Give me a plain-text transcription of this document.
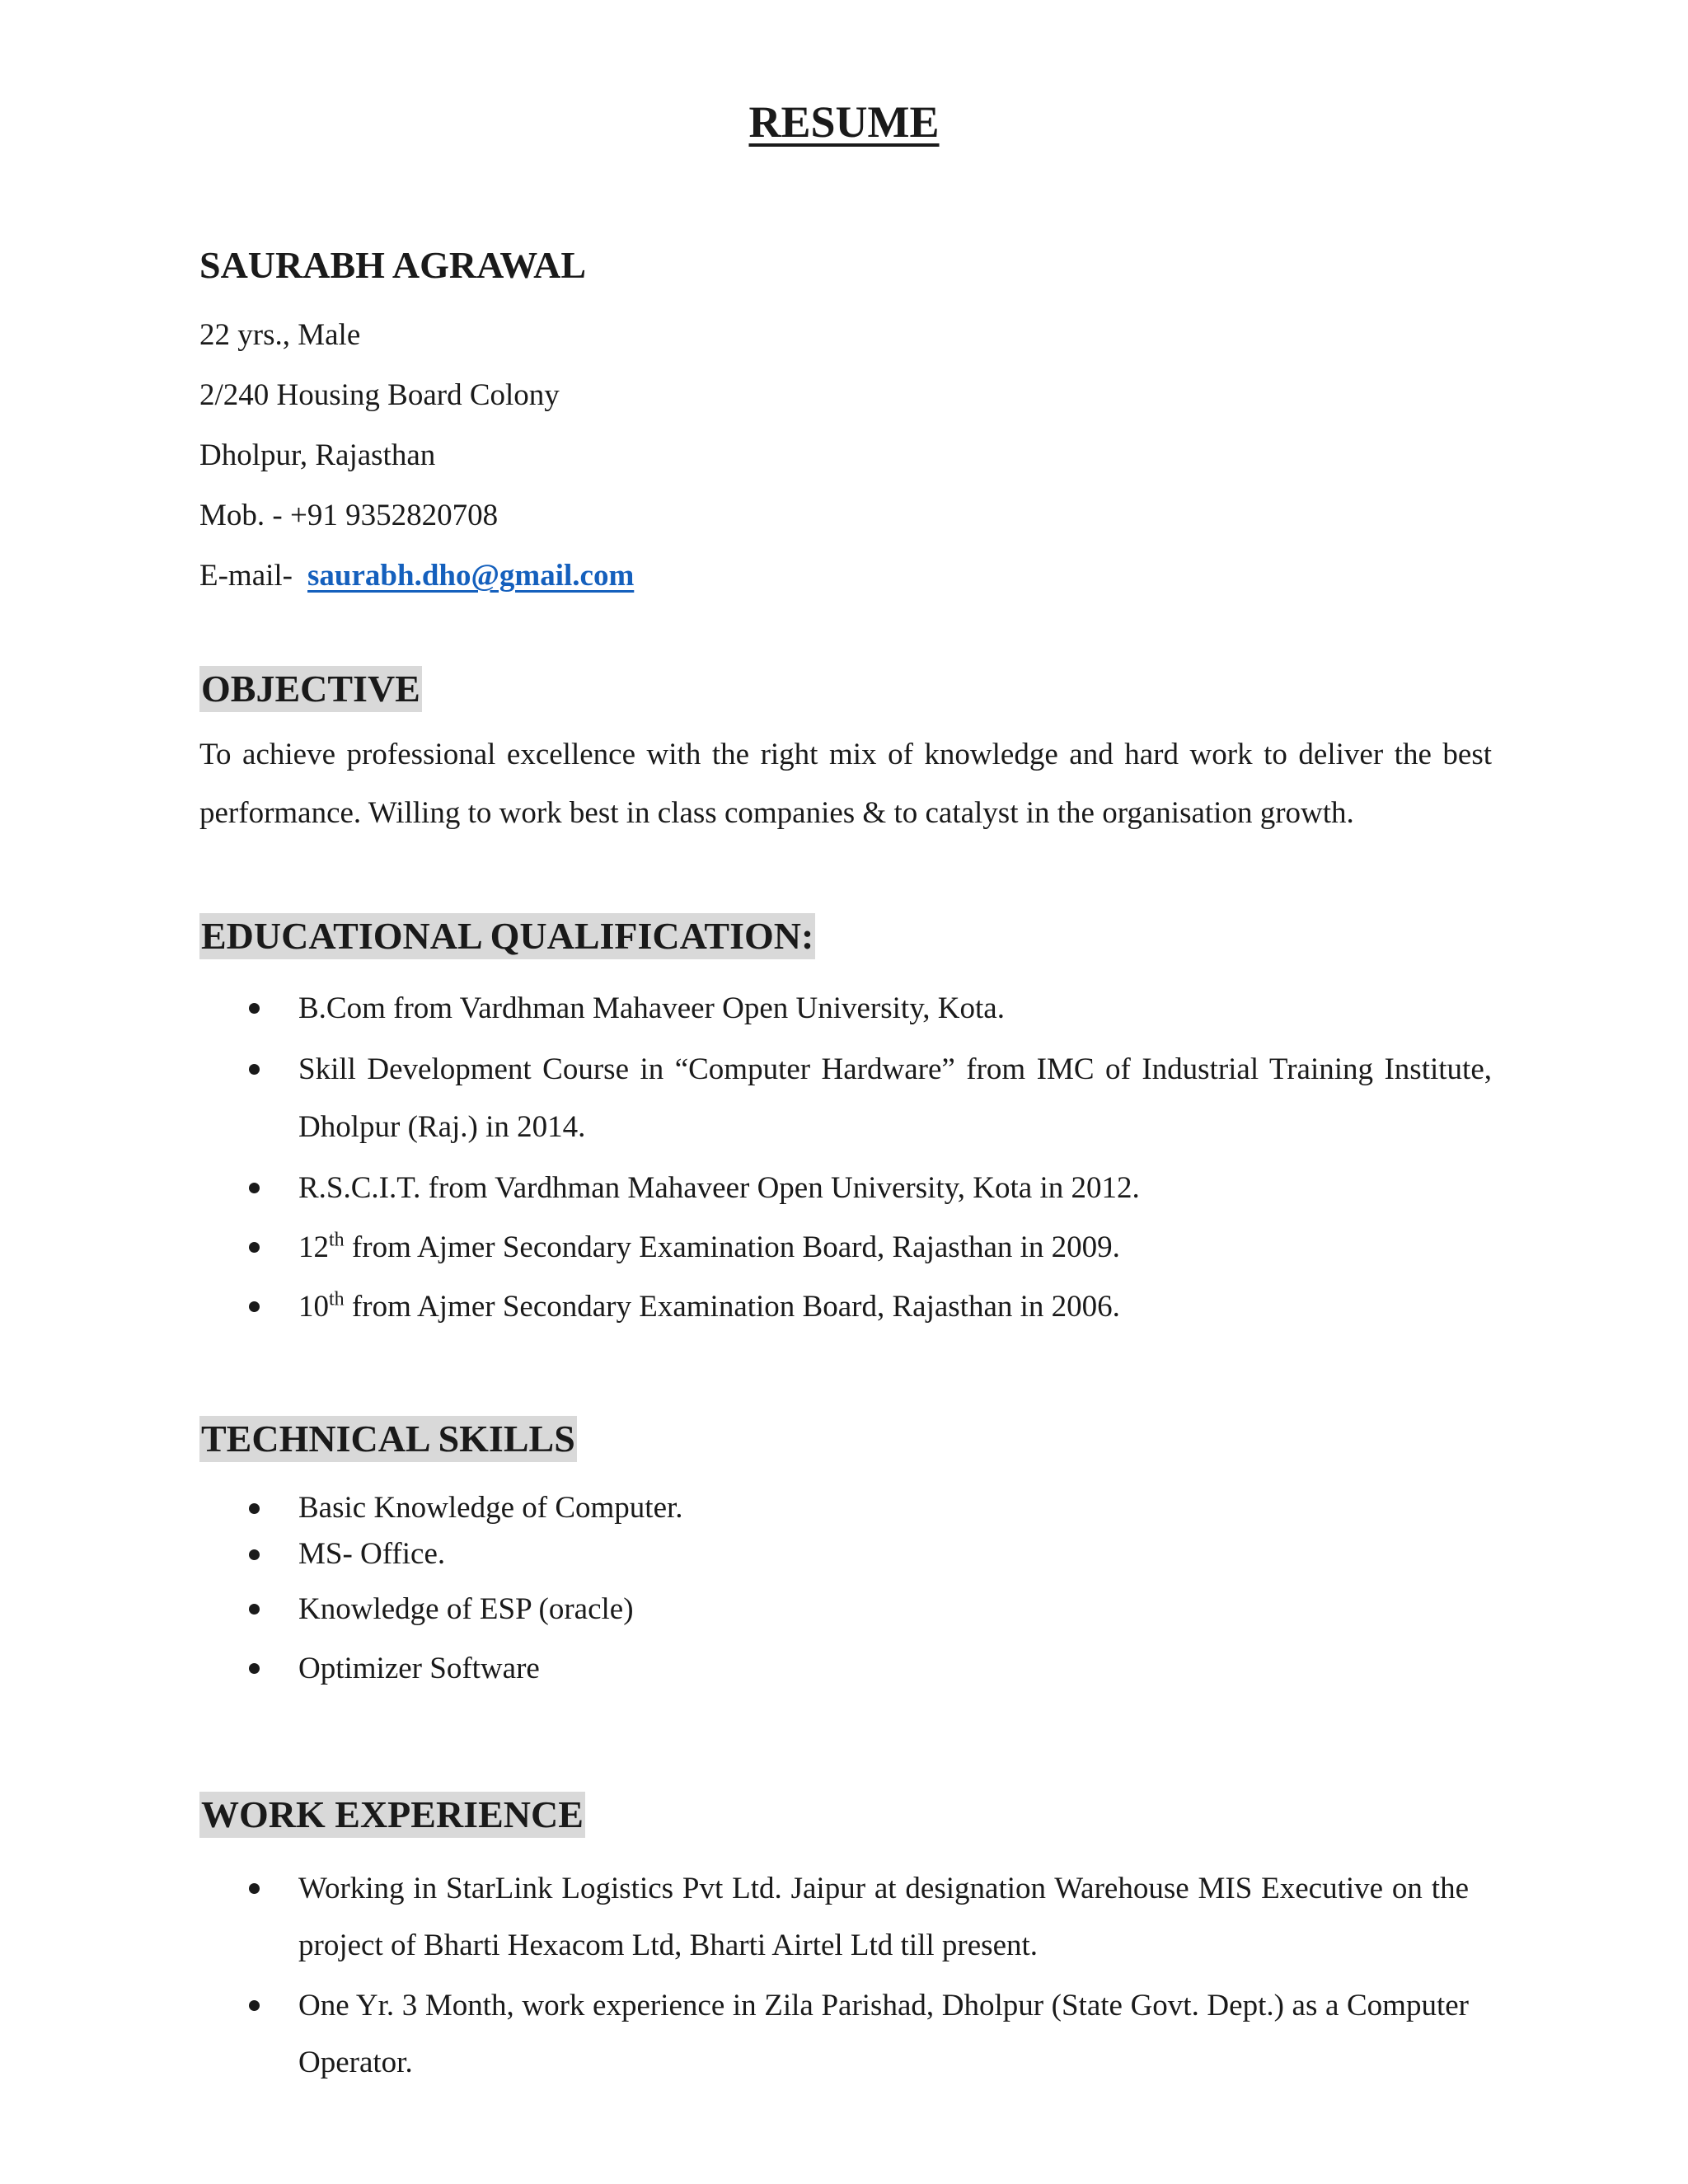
RESUME
SAURABH AGRAWAL
22 yrs., Male
2/240 Housing Board Colony
Dholpur, Rajasthan
Mob. - +91 9352820708
E-mail- saurabh.dho@gmail.com
OBJECTIVE
To achieve professional excellence with the right mix of knowledge and hard work to deliver the best performance. Willing to work best in class companies & to catalyst in the organisation growth.
EDUCATIONAL QUALIFICATION:
B.Com from Vardhman Mahaveer Open University, Kota.
Skill Development Course in “Computer Hardware” from IMC of Industrial Training Institute, Dholpur (Raj.) in 2014.
R.S.C.I.T. from Vardhman Mahaveer Open University, Kota in 2012.
12th from Ajmer Secondary Examination Board, Rajasthan in 2009.
10th from Ajmer Secondary Examination Board, Rajasthan in 2006.
TECHNICAL SKILLS
Basic Knowledge of Computer.
MS- Office.
Knowledge of ESP (oracle)
Optimizer Software
WORK EXPERIENCE
Working in StarLink Logistics Pvt Ltd. Jaipur at designation Warehouse MIS Executive on the project of Bharti Hexacom Ltd, Bharti Airtel Ltd till present.
One Yr. 3 Month, work experience in Zila Parishad, Dholpur (State Govt. Dept.) as a Computer Operator.
